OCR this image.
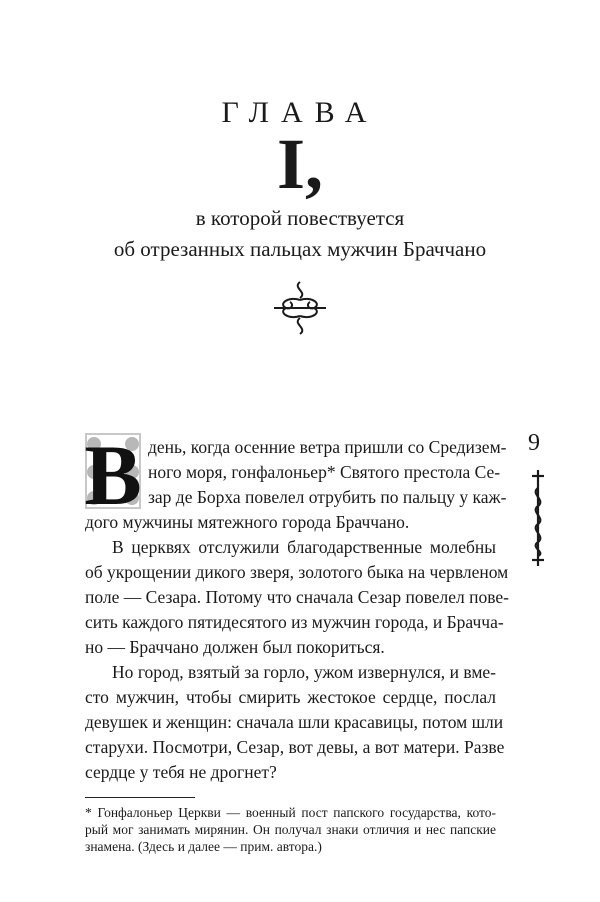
ГЛАВА
I,
в которой повествуется
об отрезанных пальцах мужчин Браччано
В день, когда осенние ветра пришли со Средизем-
ного моря, гонфалоньер* Святого престола Се-
зар де Борха повелел отрубить по пальцу у каж-
дого мужчины мятежного города Браччано.
В церквях отслужили благодарственные молебны
об укрощении дикого зверя, золотого быка на червленом
поле — Сезара. Потому что сначала Сезар повелел пове-
сить каждого пятидесятого из мужчин города, и Брачча-
но — Браччано должен был покориться.
Но город, взятый за горло, ужом извернулся, и вме-
сто мужчин, чтобы смирить жестокое сердце, послал
девушек и женщин: сначала шли красавицы, потом шли
старухи. Посмотри, Сезар, вот девы, а вот матери. Разве
сердце у тебя не дрогнет?
* Гонфалоньер Церкви — военный пост папского государства, кото-
рый мог занимать мирянин. Он получал знаки отличия и нес папские
знамена. (Здесь и далее — прим. автора.)
9
